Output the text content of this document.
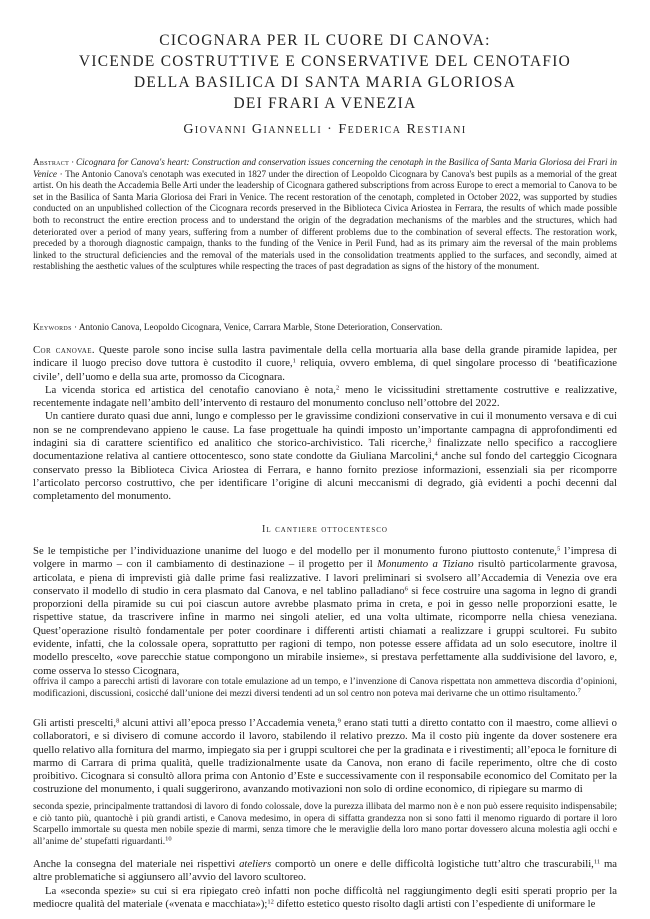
CICOGNARA PER IL CUORE DI CANOVA:
VICENDE COSTRUTTIVE E CONSERVATIVE DEL CENOTAFIO
DELLA BASILICA DI SANTA MARIA GLORIOSA
DEI FRARI A VENEZIA
Giovanni Giannelli · Federica Restiani
Abstract · Cicognara for Canova's heart: Construction and conservation issues concerning the cenotaph in the Basilica of Santa Maria Gloriosa dei Frari in Venice · The Antonio Canova's cenotaph was executed in 1827 under the direction of Leopoldo Cicognara by Canova's best pupils as a memorial of the great artist. On his death the Accademia Belle Arti under the leadership of Cicognara gathered subscriptions from across Europe to erect a memorial to Canova to be set in the Basilica of Santa Maria Gloriosa dei Frari in Venice. The recent restoration of the cenotaph, completed in October 2022, was supported by studies conducted on an unpublished collection of the Cicognara records preserved in the Biblioteca Civica Ariostea in Ferrara, the results of which made possible both to reconstruct the entire erection process and to understand the origin of the degradation mechanisms of the marbles and the structures, which had deteriorated over a period of many years, suffering from a number of different problems due to the combination of several effects. The restoration work, preceded by a thorough diagnostic campaign, thanks to the funding of the Venice in Peril Fund, had as its primary aim the reversal of the main problems linked to the structural deficiencies and the removal of the materials used in the consolidation treatments applied to the surfaces, and secondly, aimed at restablishing the aesthetic values of the sculptures while respecting the traces of past degradation as signs of the history of the monument.
Keywords · Antonio Canova, Leopoldo Cicognara, Venice, Carrara Marble, Stone Deterioration, Conservation.

Cor canovae. Queste parole sono incise sulla lastra pavimentale della cella mortuaria alla base della grande piramide lapidea, per indicare il luogo preciso dove tuttora è custodito il cuore,$^1$ reliquia, ovvero emblema, di quel singolare processo di ‘beatificazione civile’, dell’uomo e della sua arte, promosso da Cicognara.

La vicenda storica ed artistica del cenotafio canoviano è nota,$^2$ meno le vicissitudini strettamente costruttive e realizzative, recentemente indagate nell’ambito dell’intervento di restauro del monumento concluso nell’ottobre del 2022.

Un cantiere durato quasi due anni, lungo e complesso per le gravissime condizioni conservative in cui il monumento versava e di cui non se ne comprendevano appieno le cause. La fase progettuale ha quindi imposto un’importante campagna di approfondimenti ed indagini sia di carattere scientifico ed analitico che storico-archivistico. Tali ricerche,$^3$ finalizzate nello specifico a raccogliere documentazione relativa al cantiere ottocentesco, sono state condotte da Giuliana Marcolini,$^4$ anche sul fondo del carteggio Cicognara conservato presso la Biblioteca Civica Ariostea di Ferrara, e hanno fornito preziose informazioni, essenziali sia per ricomporre l’articolato percorso costruttivo, che per identificare l’origine di alcuni meccanismi di degrado, già evidenti a pochi decenni dal completamento del monumento.

Il cantiere ottocentesco

Se le tempistiche per l’individuazione unanime del luogo e del modello per il monumento furono piuttosto contenute,$^5$ l’impresa di volgere in marmo – con il cambiamento di destinazione – il progetto per il Monumento a Tiziano risultò particolarmente gravosa, articolata, e piena di imprevisti già dalle prime fasi realizzative. I lavori preliminari si svolsero all’Accademia di Venezia ove era conservato il modello di studio in cera plasmato dal Canova, e nel tablino palladiano$^6$ si fece costruire una sagoma in legno di grandi proporzioni della piramide su cui poi ciascun autore avrebbe plasmato prima in creta, e poi in gesso nelle proporzioni esatte, le rispettive statue, da trascrivere infine in marmo nei singoli atelier, ed una volta ultimate, ricomporre nella chiesa veneziana. Quest’operazione risultò fondamentale per poter coordinare i differenti artisti chiamati a realizzare i gruppi scultorei. Fu subito evidente, infatti, che la colossale opera, soprattutto per ragioni di tempo, non potesse essere affidata ad un solo esecutore, inoltre il modello prescelto, «ove parecchie statue compongono un mirabile insieme», si prestava perfettamente alla suddivisione del lavoro, e, come osserva lo stesso Cicognara,

offriva il campo a parecchi artisti di lavorare con totale emulazione ad un tempo, e l’invenzione di Canova rispettata non ammetteva discordia d’opinioni, modificazioni, discussioni, cosicché dall’unione dei mezzi diversi tendenti ad un sol centro non poteva mai derivarne che un ottimo risultamento.$^7$

Gli artisti prescelti,$^8$ alcuni attivi all’epoca presso l’Accademia veneta,$^9$ erano stati tutti a diretto contatto con il maestro, come allievi o collaboratori, e si divisero di comune accordo il lavoro, stabilendo il relativo prezzo. Ma il costo più ingente da dover sostenere era quello relativo alla fornitura del marmo, impiegato sia per i gruppi scultorei che per la gradinata e i rivestimenti; all’epoca le forniture di marmo di Carrara di prima qualità, quelle tradizionalmente usate da Canova, non erano di facile reperimento, oltre che di costo proibitivo. Cicognara si consultò allora prima con Antonio d’Este e successivamente con il responsabile economico del Comitato per la costruzione del monumento, i quali suggerirono, avanzando motivazioni non solo di ordine economico, di ripiegare su marmo di

seconda spezie, principalmente trattandosi di lavoro di fondo colossale, dove la purezza illibata del marmo non è e non può essere requisito indispensabile; e ciò tanto più, quantochè i più grandi artisti, e Canova medesimo, in opera di siffatta grandezza non si sono fatti il menomo riguardo di portare il loro Scarpello immortale su questa men nobile spezie di marmi, senza timore che le meraviglie della loro mano portar dovessero alcuna molestia agli occhi e all’anime de’ stupefatti riguardanti.$^{10}$

Anche la consegna del materiale nei rispettivi ateliers comportò un onere e delle difficoltà logistiche tutt’altro che trascurabili,$^{11}$ ma altre problematiche si aggiunsero all’avvio del lavoro scultoreo.

La «seconda spezie» su cui si era ripiegato creò infatti non poche difficoltà nel raggiungimento degli esiti sperati proprio per la mediocre qualità del materiale («venata e macchiata»);$^{12}$ difetto estetico questo risolto dagli artisti con l’espediente di uniformare le
